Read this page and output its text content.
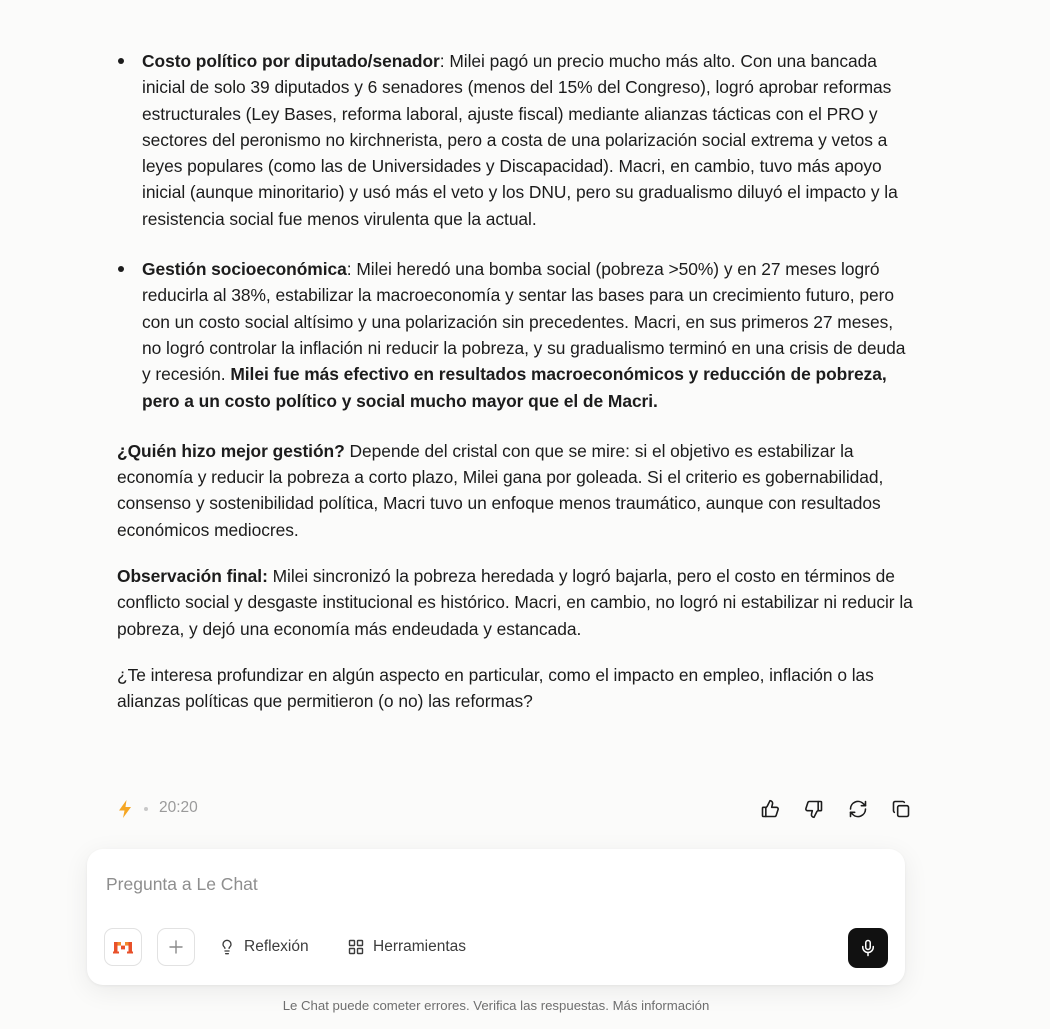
Costo político por diputado/senador: Milei pagó un precio mucho más alto. Con una bancada inicial de solo 39 diputados y 6 senadores (menos del 15% del Congreso), logró aprobar reformas estructurales (Ley Bases, reforma laboral, ajuste fiscal) mediante alianzas tácticas con el PRO y sectores del peronismo no kirchnerista, pero a costa de una polarización social extrema y vetos a leyes populares (como las de Universidades y Discapacidad). Macri, en cambio, tuvo más apoyo inicial (aunque minoritario) y usó más el veto y los DNU, pero su gradualismo diluyó el impacto y la resistencia social fue menos virulenta que la actual.
Gestión socioeconómica: Milei heredó una bomba social (pobreza >50%) y en 27 meses logró reducirla al 38%, estabilizar la macroeconomía y sentar las bases para un crecimiento futuro, pero con un costo social altísimo y una polarización sin precedentes. Macri, en sus primeros 27 meses, no logró controlar la inflación ni reducir la pobreza, y su gradualismo terminó en una crisis de deuda y recesión. Milei fue más efectivo en resultados macroeconómicos y reducción de pobreza, pero a un costo político y social mucho mayor que el de Macri.

¿Quién hizo mejor gestión? Depende del cristal con que se mire: si el objetivo es estabilizar la economía y reducir la pobreza a corto plazo, Milei gana por goleada. Si el criterio es gobernabilidad, consenso y sostenibilidad política, Macri tuvo un enfoque menos traumático, aunque con resultados económicos mediocres.

Observación final: Milei sincronizó la pobreza heredada y logró bajarla, pero el costo en términos de conflicto social y desgaste institucional es histórico. Macri, en cambio, no logró ni estabilizar ni reducir la pobreza, y dejó una economía más endeudada y estancada.

¿Te interesa profundizar en algún aspecto en particular, como el impacto en empleo, inflación o las alianzas políticas que permitieron (o no) las reformas?

20:20
Pregunta a Le Chat
Reflexión	Herramientas
Le Chat puede cometer errores. Verifica las respuestas. Más información
